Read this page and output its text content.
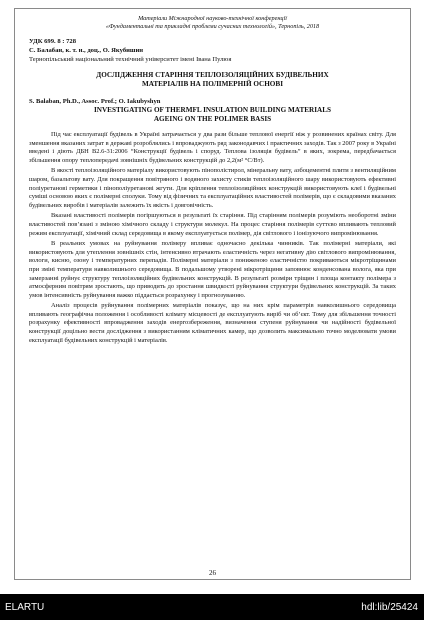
Матеріали Міжнародної науково-технічної конференції
«Фундаментальні та прикладні проблеми сучасних технологій», Тернопіль, 2018
УДК 699. 8 : 728
С. Балабан, к. т. н., доц., О. Якубишин
Тернопільський національний технічний університет імені Івана Пулюя
ДОСЛІДЖЕННЯ СТАРІННЯ ТЕПЛОІЗОЛЯЦІЙНИХ БУДІВЕЛЬНИХ
МАТЕРІАЛІВ НА ПОЛІМЕРНІЙ ОСНОВІ
S. Balaban, Ph.D., Assoc. Prof.; O. Iakubyshyn
INVESTIGATING OF THERMFL INSULATION BUILDING MATERIALS
AGEING ON THE POLIMER BASIS

Під час експлуатації будівель в Україні затрачається у два рази більше теплової енергії ніж у розвинених країнах світу. Для зменшення вказаних затрат в державі розроблялись і впроваджують ряд законодавчих і практичних заходів. Так з 2007 року в Україні введені і діють ДБН В2.6-31:2006 “Конструкції будівель і споруд. Теплова ізоляція будівель” в яких, зокрема, передбачається збільшення опору теплопередачі зовнішніх будівельних конструкцій до 2,2(м² °С/Вт).

В якості теплоізоляційного матеріалу використовують пінополістирол, мінеральну вату, азбоцементні плити з вентиляційним шаром, базальтову вату. Для покращення повітряного і водяного захисту стиків теплоізоляційного шару використовують ефективні поліуретанові герметики і пінополіуретанові жгути. Для кріплення теплоізоляційних конструкцій використовують клеї і будівельні суміші основою яких є полімерні сполуки. Тому від фізичних та експлуатаційних властивостей полімерів, що є складовими вказаних будівельних виробів і матеріалів залежить їх якість і довговічність.

Вказані властивості полімерів погіршуються в результаті їх старіння. Під старінням полімерів розуміють необоротні зміни властивостей пов’язані з зміною хімічного складу і структури молекул. На процес старіння полімерів суттєво впливають тепловий режим експлуатації, хімічний склад середовища в якому експлуатується полімер, дія світлового і іонізуючого випромінювання.

В реальних умовах на руйнування полімеру впливає одночасно декілька чинників. Так полімерні матеріали, які використовують для утеплення зовнішніх стін, інтенсивно втрачають еластичність через негативну дію світлового випромінювання, вологи, кисню, озону і температурних перепадів. Полімерні матеріали з пониженою еластичністю покриваються мікротріщинами при зміні температури навколишнього середовища. В подальшому утворені мікротріщини заповнює конденсована волога, яка при замерзанні руйнує структуру теплоізоляційних будівельних конструкцій. В результаті розміри тріщин і площа контакту полімера з атмосферним повітрям зростають, що приводить до зростання швидкості руйнування структури будівельних конструкцій. За таких умов інтенсивність руйнування важко піддається розрахунку і прогнозуванню.

Аналіз процесів руйнування полімерних матеріалів показує, що на них крім параметрів навколишнього середовища впливають географічна положення і особливості клімату місцевості де експлуатують виріб чи об’єкт. Тому для збільшення точності розрахунку ефективності впровадження заходів енергозбереження, визначення ступеня руйнування чи надійності будівельної конструкції доцільно вести дослідження з використанням кліматичних камер, що дозволить максимально точно моделювати умови експлуатації будівельних конструкцій і матеріалів.

26
ELARTU	hdl:lib/25424
